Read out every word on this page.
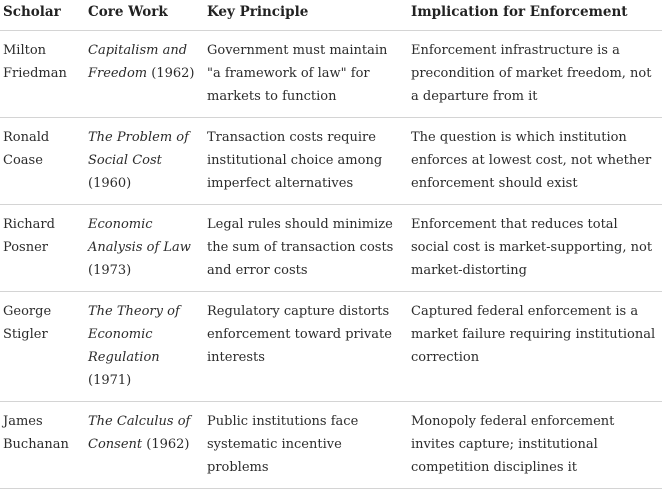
Scholar	Core Work	Key Principle	Implication for Enforcement
Milton Friedman	Capitalism and Freedom (1962)	Government must maintain "a framework of law" for markets to function	Enforcement infrastructure is a precondition of market freedom, not a departure from it
Ronald Coase	The Problem of Social Cost (1960)	Transaction costs require institutional choice among imperfect alternatives	The question is which institution enforces at lowest cost, not whether enforcement should exist
Richard Posner	Economic Analysis of Law (1973)	Legal rules should minimize the sum of transaction costs and error costs	Enforcement that reduces total social cost is market-supporting, not market-distorting
George Stigler	The Theory of Economic Regulation (1971)	Regulatory capture distorts enforcement toward private interests	Captured federal enforcement is a market failure requiring institutional correction
James Buchanan	The Calculus of Consent (1962)	Public institutions face systematic incentive problems	Monopoly federal enforcement invites capture; institutional competition disciplines it
